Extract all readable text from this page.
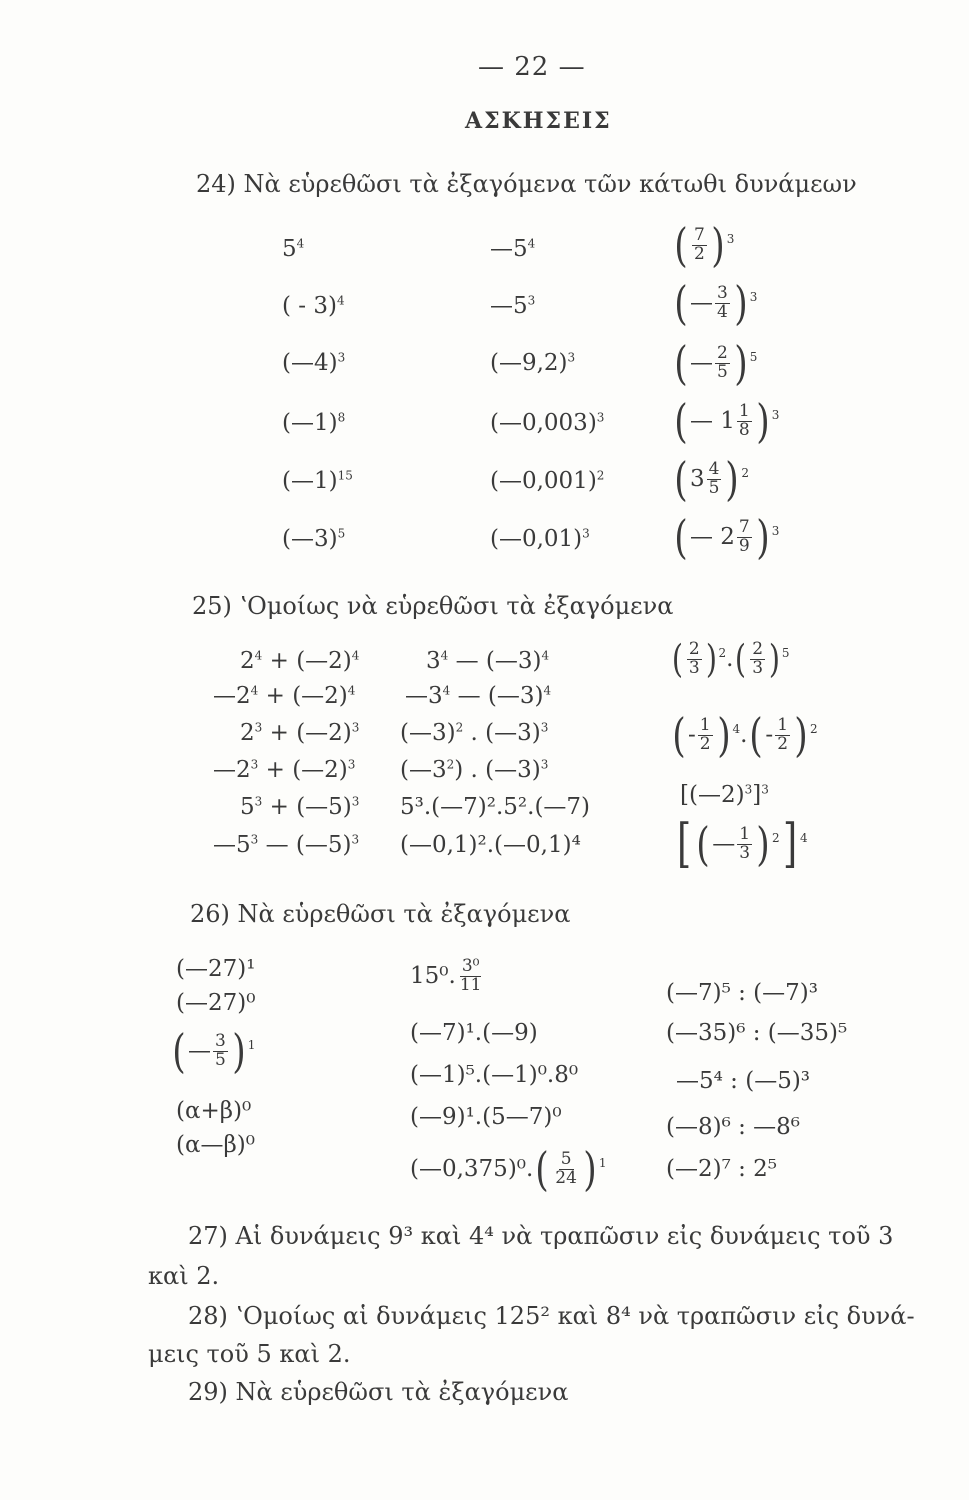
— 22 —
ΑΣΚΗΣΕΙΣ
24) Νὰ εὑρεθῶσι τὰ ἐξαγόμενα τῶν κάτωθι δυνάμεων
$5^4$
( - 3)$^4$
(—4)$^3$
(—1)$^8$
(—1)$^{15}$
(—3)$^5$
$—5^4$
$—5^3$
(—9,2)$^3$
(—0,003)$^3$
(—0,001)$^2$
(—0,01)$^3$
( 7
2 ) 3
( — 3
4 ) 3
( — 2
5 ) 5
( — 1 1
8 ) 3
( 3 4
5 ) 2
( — 2 7
9 ) 3
25) ʽΟμοίως νὰ εὑρεθῶσι τὰ ἐξαγόμενα
$2^4$ + (—2)$^4$
$—2^4$ + (—2)$^4$
$2^3$ + (—2)$^3$
$—2^3$ + (—2)$^3$
$5^3$ + (—5)$^3$
$—5^3$ — (—5)$^3$
$3^4$ — (—3)$^4$
$—3^4$ — (—3)$^4$
(—3)$^2$ . (—3)$^3$
$(—3^2)$ . (—3)$^3$
5³.(—7)².5².(—7)
(—0,1)².(—0,1)⁴
( 2
3 ) 2 . ( 2
3 ) 5
( - 1
2 ) 4 . ( - 1
2 ) 2
[(—2)$^3$]$^3$
[ ( — 1
3 ) 2 ] 4
26) Νὰ εὑρεθῶσι τὰ ἐξαγόμενα
(—27)¹
(—27)⁰
( — 3
5 ) 1
(α+β)⁰
(α—β)⁰
15⁰. 3⁰
11
(—7)¹.(—9)
(—1)⁵.(—1)⁰.8⁰
(—9)¹.(5—7)⁰
(—0,375)⁰. ( 5
24 ) 1
(—7)⁵ : (—7)³
(—35)⁶ : (—35)⁵
—5⁴ : (—5)³
(—8)⁶ : —8⁶
(—2)⁷ : 2⁵
27) Αἱ δυνάμεις 9³ καὶ 4⁴ νὰ τραπῶσιν εἰς δυνάμεις τοῦ 3
καὶ 2.
28) ʽΟμοίως αἱ δυνάμεις 125² καὶ 8⁴ νὰ τραπῶσιν εἰς δυνά-
μεις τοῦ 5 καὶ 2.
29) Νὰ εὑρεθῶσι τὰ ἐξαγόμενα
